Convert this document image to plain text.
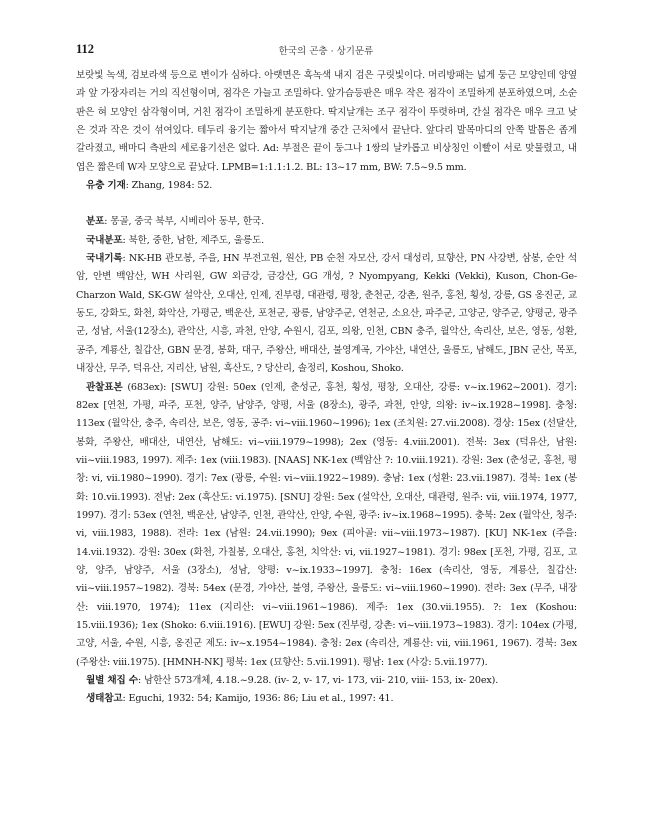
112	한국의 곤충 · 상기문류

보랏빛 녹색, 검보라색 등으로 변이가 심하다. 아랫면은 흑녹색 내지 검은 구릿빛이다. 머리방패는 넓게 둥근 모양인데 양옆과 앞 가장자리는 거의 직선형이며, 점각은 가늘고 조밀하다. 앞가슴등판은 매우 작은 점각이 조밀하게 분포하였으며, 소순판은 혀 모양인 삼각형이며, 거친 점각이 조밀하게 분포한다. 딱지날개는 조구 점각이 뚜렷하며, 간실 점각은 매우 크고 낮은 것과 작은 것이 섞여있다. 테두리 융기는 짧아서 딱지날개 중간 근처에서 끝난다. 앞다리 발목마디의 안쪽 발톱은 좁게 갈라졌고, 배마디 측판의 세로융기선은 없다. Ad: 부절은 끝이 둥그나 1쌍의 날카롭고 비상칭인 이빨이 서로 맞물렸고, 내엽은 짧은데 W자 모양으로 끝났다. LPMB=1:1.1:1.2. BL: 13~17 mm, BW: 7.5~9.5 mm.

유충 기재: Zhang, 1984: 52.

분포: 몽골, 중국 북부, 시베리아 동부, 한국.

국내분포: 북한, 중한, 남한, 제주도, 울릉도.

국내기록: NK-HB 관모봉, 주을, HN 부전고원, 원산, PB 순천 자모산, 강서 대성리, 묘향산, PN 사강변, 삼봉, 순안 석암, 안변 백암산, WH 사리원, GW 외금강, 금강산, GG 개성, ? Nyompyang, Kekki (Vekki), Kuson, Chon-Ge-Charzon Wald, SK-GW 설악산, 오대산, 인제, 진부령, 대관령, 평창, 춘천군, 강촌, 원주, 홍천, 횡성, 강릉, GS 옹진군, 교동도, 강화도, 화천, 화악산, 가평군, 백운산, 포천군, 광릉, 남양주군, 연천군, 소요산, 파주군, 고양군, 양주군, 양평군, 광주군, 성남, 서울(12장소), 관악산, 시흥, 과천, 안양, 수원시, 김포, 의왕, 인천, CBN 충주, 월악산, 속리산, 보은, 영동, 성환, 공주, 계룡산, 칠갑산, GBN 문경, 봉화, 대구, 주왕산, 배대산, 불영계곡, 가야산, 내연산, 울릉도, 남해도, JBN 군산, 목포, 내장산, 무주, 덕유산, 지리산, 남원, 흑산도, ? 당산리, 솔정리, Koshou, Shoko.

관찰표본 (683ex): [SWU] 강원: 50ex (인제, 춘성군, 홍천, 횡성, 평창, 오대산, 강릉: v~ix.1962~2001). 경기: 82ex [연천, 가평, 파주, 포천, 양주, 남양주, 양평, 서울 (8장소), 광주, 과천, 안양, 의왕: iv~ix.1928~1998]. 충청: 113ex (월악산, 충주, 속리산, 보은, 영동, 공주: vi~viii.1960~1996); 1ex (조치원: 27.vii.2008). 경상: 15ex (선달산, 봉화, 주왕산, 배대산, 내연산, 남해도: vi~viii.1979~1998); 2ex (영동: 4.viii.2001). 전북: 3ex (덕유산, 남원: vii~viii.1983, 1997). 제주: 1ex (viii.1983). [NAAS] NK-1ex (백암산 ?: 10.viii.1921). 강원: 3ex (춘성군, 홍천, 평창: vi, vii.1980~1990). 경기: 7ex (광릉, 수원: vi~viii.1922~1989). 충남: 1ex (성환: 23.vii.1987). 경북: 1ex (봉화: 10.vii.1993). 전남: 2ex (흑산도: vi.1975). [SNU] 강원: 5ex (설악산, 오대산, 대관령, 원주: vii, viii.1974, 1977, 1997). 경기: 53ex (연천, 백운산, 남양주, 인천, 관악산, 안양, 수원, 광주: iv~ix.1968~1995). 충북: 2ex (월악산, 청주: vi, viii.1983, 1988). 전라: 1ex (남원: 24.vii.1990); 9ex (피아골: vii~viii.1973~1987). [KU] NK-1ex (주을: 14.vii.1932). 강원: 30ex (화천, 가칠봉, 오대산, 홍천, 치악산: vi, vii.1927~1981). 경기: 98ex [포천, 가평, 김포, 고양, 양주, 남양주, 서울 (3장소), 성남, 양평: v~ix.1933~1997]. 충청: 16ex (속리산, 영동, 계룡산, 칠갑산: vii~viii.1957~1982). 경북: 54ex (문경, 가야산, 불영, 주왕산, 울릉도: vi~viii.1960~1990). 전라: 3ex (무주, 내장산: viii.1970, 1974); 11ex (지리산: vi~viii.1961~1986). 제주: 1ex (30.vii.1955). ?: 1ex (Koshou: 15.viii.1936); 1ex (Shoko: 6.viii.1916). [EWU] 강원: 5ex (진부령, 강촌: vi~viii.1973~1983). 경기: 104ex (가평, 고양, 서울, 수원, 시흥, 옹진군 제도: iv~x.1954~1984). 충청: 2ex (속리산, 계룡산: vii, viii.1961, 1967). 경북: 3ex (주왕산: viii.1975). [HMNH-NK] 평북: 1ex (묘향산: 5.vii.1991). 평남: 1ex (사강: 5.vii.1977).

월별 채집 수: 남한산 573개체, 4.18.~9.28. (iv- 2, v- 17, vi- 173, vii- 210, viii- 153, ix- 20ex).

생태참고: Eguchi, 1932: 54; Kamijo, 1936: 86; Liu et al., 1997: 41.
